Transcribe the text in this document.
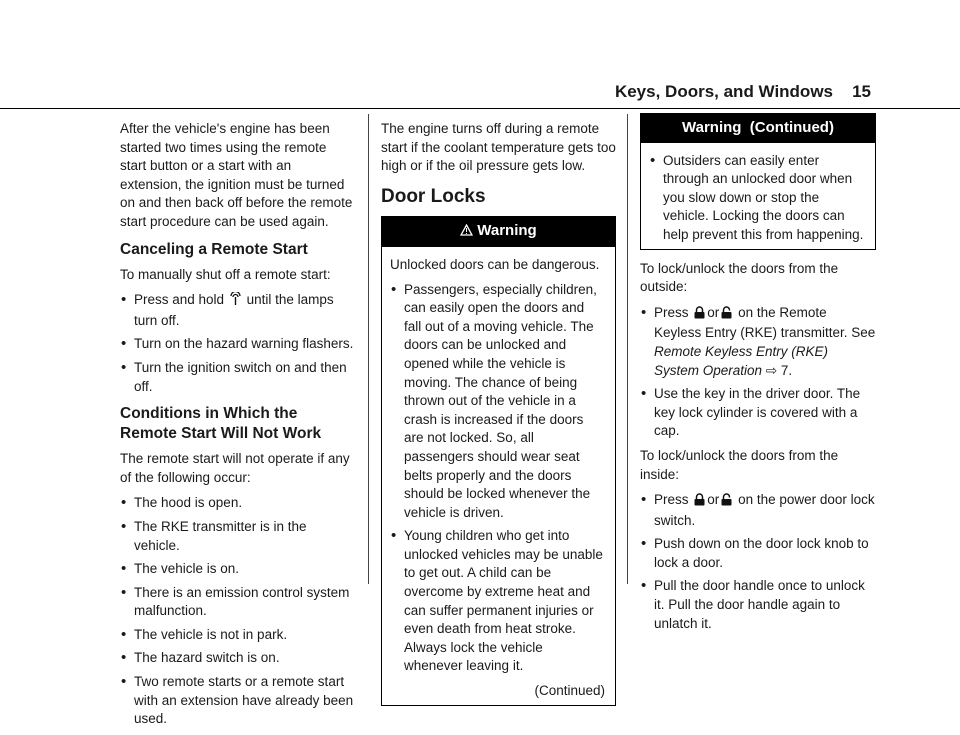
Keys, Doors, and Windows 15

After the vehicle's engine has been started two times using the remote start button or a start with an extension, the ignition must be turned on and then back off before the remote start procedure can be used again.

Canceling a Remote Start

To manually shut off a remote start:

• Press and hold until the lamps turn off.
• Turn on the hazard warning flashers.
• Turn the ignition switch on and then off.
Conditions in Which the Remote Start Will Not Work

The remote start will not operate if any of the following occur:

• The hood is open.
• The RKE transmitter is in the vehicle.
• The vehicle is on.
• There is an emission control system malfunction.
• The vehicle is not in park.
• The hazard switch is on.
• Two remote starts or a remote start with an extension have already been used.

The engine turns off during a remote start if the coolant temperature gets too high or if the oil pressure gets low.

Door Locks
Warning

Unlocked doors can be dangerous.

• Passengers, especially children, can easily open the doors and fall out of a moving vehicle. The doors can be unlocked and opened while the vehicle is moving. The chance of being thrown out of the vehicle in a crash is increased if the doors are not locked. So, all passengers should wear seat belts properly and the doors should be locked whenever the vehicle is driven.
• Young children who get into unlocked vehicles may be unable to get out. A child can be overcome by extreme heat and can suffer permanent injuries or even death from heat stroke. Always lock the vehicle whenever leaving it.
(Continued)
Warning  (Continued)
• Outsiders can easily enter through an unlocked door when you slow down or stop the vehicle. Locking the doors can help prevent this from happening.

To lock/unlock the doors from the outside:

• Press or on the Remote Keyless Entry (RKE) transmitter. See Remote Keyless Entry (RKE) System Operation ⇨ 7.
• Use the key in the driver door. The key lock cylinder is covered with a cap.

To lock/unlock the doors from the inside:

• Press or on the power door lock switch.
• Push down on the door lock knob to lock a door.
• Pull the door handle once to unlock it. Pull the door handle again to unlatch it.
